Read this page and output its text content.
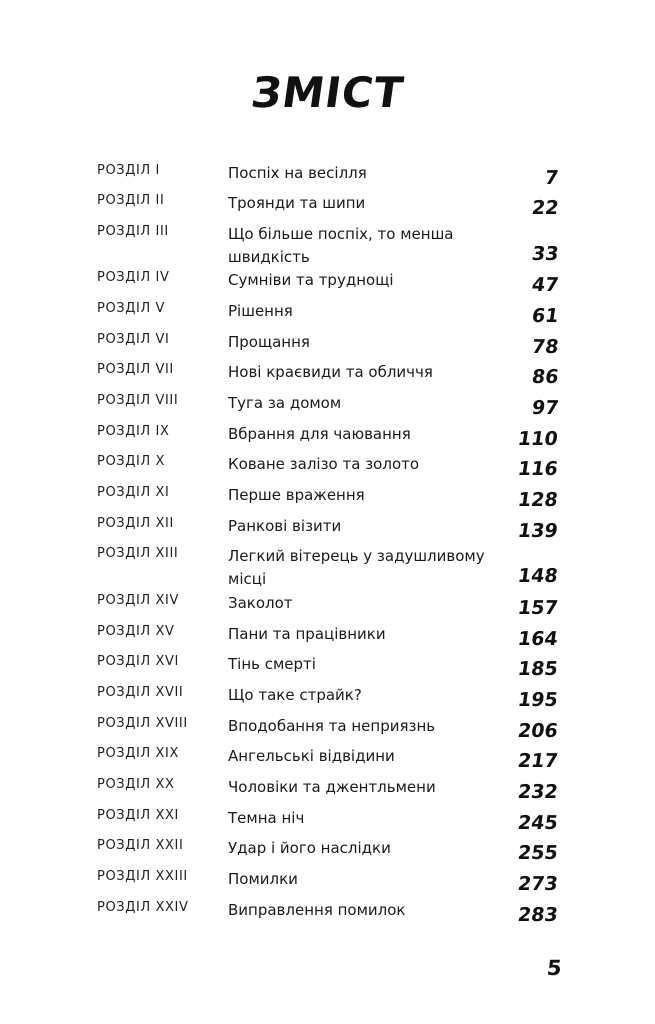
ЗМІСТ
РОЗДІЛ I	Поспіх на весілля	7
РОЗДІЛ II	Троянди та шипи	22
РОЗДІЛ III	Що більше поспіх, то менша швидкість	33
РОЗДІЛ IV	Сумніви та труднощі	47
РОЗДІЛ V	Рішення	61
РОЗДІЛ VI	Прощання	78
РОЗДІЛ VII	Нові краєвиди та обличчя	86
РОЗДІЛ VIII	Туга за домом	97
РОЗДІЛ IX	Вбрання для чаювання	110
РОЗДІЛ X	Коване залізо та золото	116
РОЗДІЛ XI	Перше враження	128
РОЗДІЛ XII	Ранкові візити	139
РОЗДІЛ XIII	Легкий вітерець у задушливому місці	148
РОЗДІЛ XIV	Заколот	157
РОЗДІЛ XV	Пани та працівники	164
РОЗДІЛ XVI	Тінь смерті	185
РОЗДІЛ XVII	Що таке страйк?	195
РОЗДІЛ XVIII	Вподобання та неприязнь	206
РОЗДІЛ XIX	Ангельські відвідини	217
РОЗДІЛ XX	Чоловіки та джентльмени	232
РОЗДІЛ XXI	Темна ніч	245
РОЗДІЛ XXII	Удар і його наслідки	255
РОЗДІЛ XXIII	Помилки	273
РОЗДІЛ XXIV	Виправлення помилок	283
5
